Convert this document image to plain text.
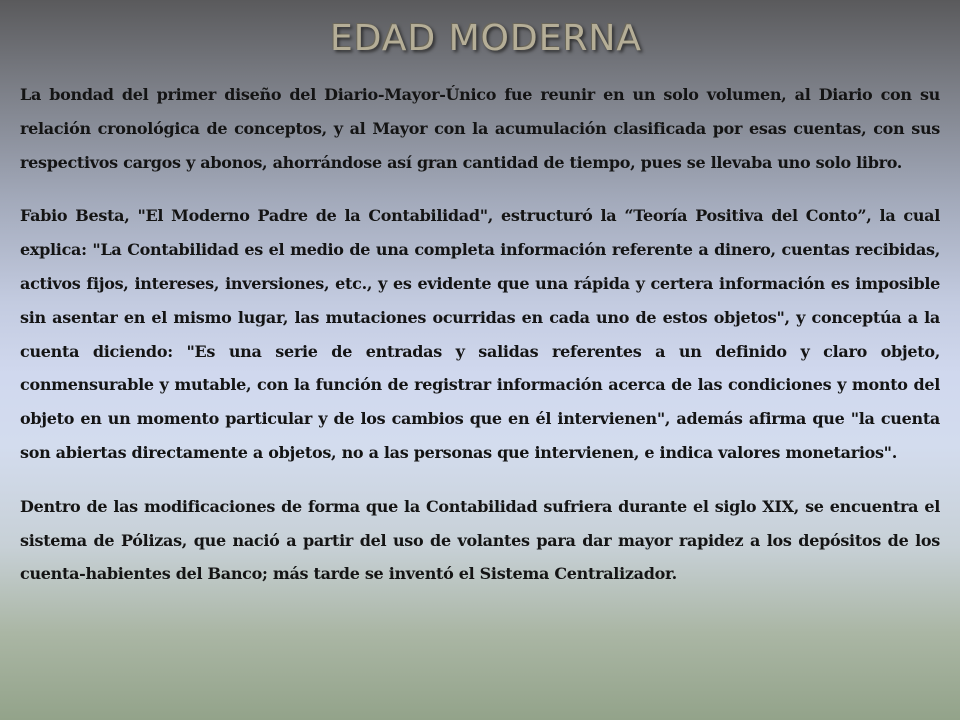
EDAD MODERNA

La bondad del primer diseño del Diario-Mayor-Único fue reunir en un solo volumen, al Diario con su relación cronológica de conceptos, y al Mayor con la acumulación clasificada por esas cuentas, con sus respectivos cargos y abonos, ahorrándose así gran cantidad de tiempo, pues se llevaba uno solo libro.

Fabio Besta, "El Moderno Padre de la Contabilidad", estructuró la “Teoría Positiva del Conto”, la cual explica: "La Contabilidad es el medio de una completa información referente a dinero, cuentas recibidas, activos fijos, intereses, inversiones, etc., y es evidente que una rápida y certera información es imposible sin asentar en el mismo lugar, las mutaciones ocurridas en cada uno de estos objetos", y conceptúa a la cuenta diciendo: "Es una serie de entradas y salidas referentes a un definido y claro objeto, conmensurable y mutable, con la función de registrar información acerca de las condiciones y monto del objeto en un momento particular y de los cambios que en él intervienen", además afirma que "la cuenta son abiertas directamente a objetos, no a las personas que intervienen, e indica valores monetarios".

Dentro de las modificaciones de forma que la Contabilidad sufriera durante el siglo XIX, se encuentra el sistema de Pólizas, que nació a partir del uso de volantes para dar mayor rapidez a los depósitos de los cuenta-habientes del Banco; más tarde se inventó el Sistema Centralizador.
